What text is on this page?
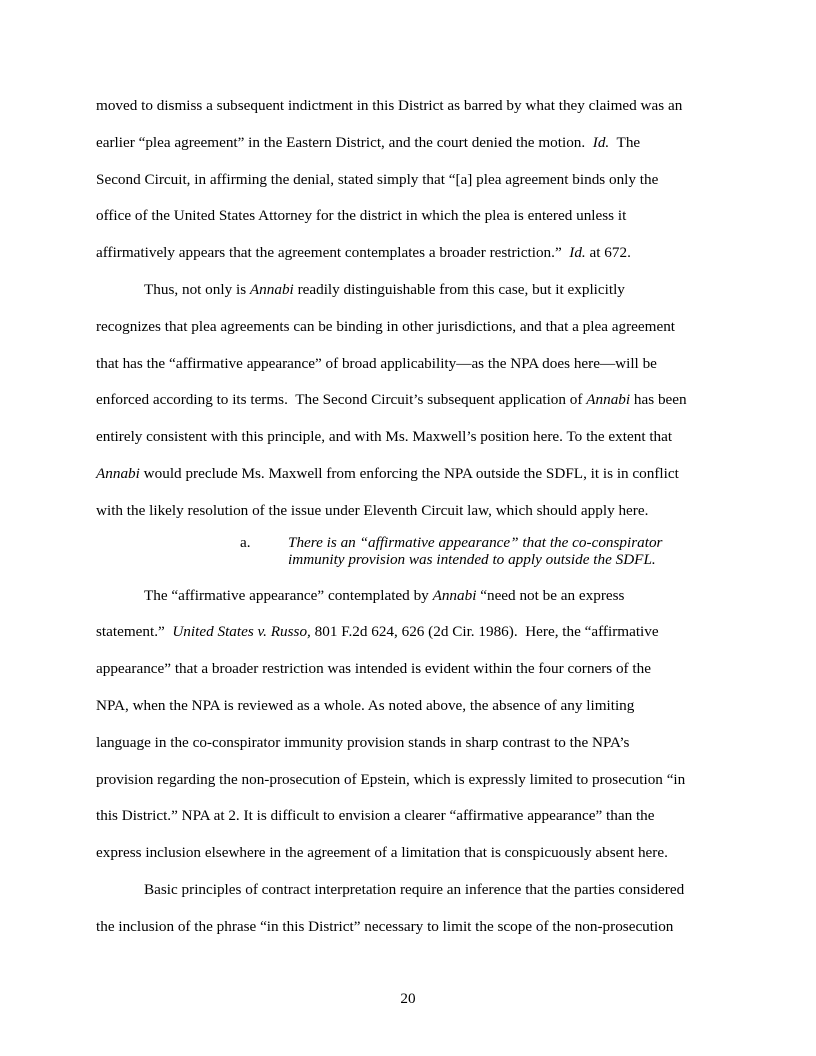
moved to dismiss a subsequent indictment in this District as barred by what they claimed was an
earlier “plea agreement” in the Eastern District, and the court denied the motion.  Id.  The
Second Circuit, in affirming the denial, stated simply that “[a] plea agreement binds only the
office of the United States Attorney for the district in which the plea is entered unless it
affirmatively appears that the agreement contemplates a broader restriction.”  Id. at 672.
Thus, not only is Annabi readily distinguishable from this case, but it explicitly
recognizes that plea agreements can be binding in other jurisdictions, and that a plea agreement
that has the “affirmative appearance” of broad applicability—as the NPA does here—will be
enforced according to its terms.  The Second Circuit’s subsequent application of Annabi has been
entirely consistent with this principle, and with Ms. Maxwell’s position here. To the extent that
Annabi would preclude Ms. Maxwell from enforcing the NPA outside the SDFL, it is in conflict
with the likely resolution of the issue under Eleventh Circuit law, which should apply here.
a. There is an “affirmative appearance” that the co-conspirator
immunity provision was intended to apply outside the SDFL.
The “affirmative appearance” contemplated by Annabi “need not be an express
statement.”  United States v. Russo, 801 F.2d 624, 626 (2d Cir. 1986).  Here, the “affirmative
appearance” that a broader restriction was intended is evident within the four corners of the
NPA, when the NPA is reviewed as a whole. As noted above, the absence of any limiting
language in the co-conspirator immunity provision stands in sharp contrast to the NPA’s
provision regarding the non-prosecution of Epstein, which is expressly limited to prosecution “in
this District.” NPA at 2. It is difficult to envision a clearer “affirmative appearance” than the
express inclusion elsewhere in the agreement of a limitation that is conspicuously absent here.
Basic principles of contract interpretation require an inference that the parties considered
the inclusion of the phrase “in this District” necessary to limit the scope of the non-prosecution
20
